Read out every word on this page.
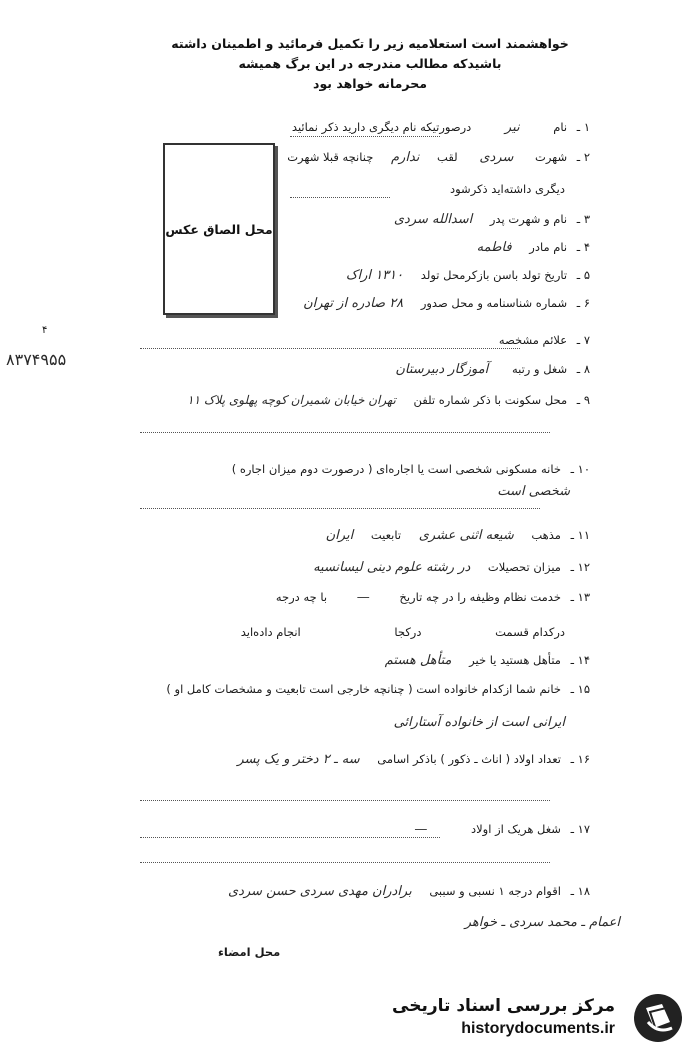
خواهشمند است استعلامیه زیر را تکمیل فرمائید و اطمینان داشته
باشیدکه مطالب مندرجه در این برگ همیشه
محرمانه خواهد بود
محل الصاق عکس
۸۳۷۴۹۵۵
۴
۱ ـ نام نیر درصورتیکه نام دیگری دارید ذکر نمائید
۲ ـ شهرت سردی لقب ندارم چنانچه قبلا شهرت
دیگری داشته‌اید ذکرشود
۳ ـ نام و شهرت پدر اسدالله سردی
۴ ـ نام مادر فاطمه
۵ ـ تاریخ تولد باسن بازکرمحل تولد ۱۳۱۰ اراک
۶ ـ شماره شناسنامه و محل صدور ۲۸ صادره از تهران
۷ ـ علائم مشخصه
۸ ـ شغل و رتبه آموزگار دبیرستان
۹ ـ محل سکونت با ذکر شماره تلفن تهران خیابان شمیران کوچه پهلوی پلاک ۱۱
۱۰ ـ خانه مسکونی شخصی است یا اجاره‌ای ( درصورت دوم میزان اجاره )
شخصی است
۱۱ ـ مذهب شیعه اثنی عشری تابعیت ایران
۱۲ ـ میزان تحصیلات در رشته علوم دینی لیسانسیه
۱۳ ـ خدمت نظام وظیفه را در چه تاریخ — با چه درجه
درکدام قسمت درکجا انجام داده‌اید
۱۴ ـ متأهل هستید یا خیر متأهل هستم
۱۵ ـ خانم شما ازکدام خانواده است ( چنانچه خارجی است تابعیت و مشخصات کامل او )
ایرانی است از خانواده آستارائی
۱۶ ـ تعداد اولاد ( اناث ـ ذکور ) باذکر اسامی سه ـ ۲ دختر و یک پسر
۱۷ ـ شغل هریک از اولاد —
۱۸ ـ اقوام درجه ۱ نسبی و سببی برادران مهدی سردی حسن سردی
اعمام ـ محمد سردی ـ خواهر
محل امضاء
مرکز بررسی اسناد تاریخی
historydocuments.ir
